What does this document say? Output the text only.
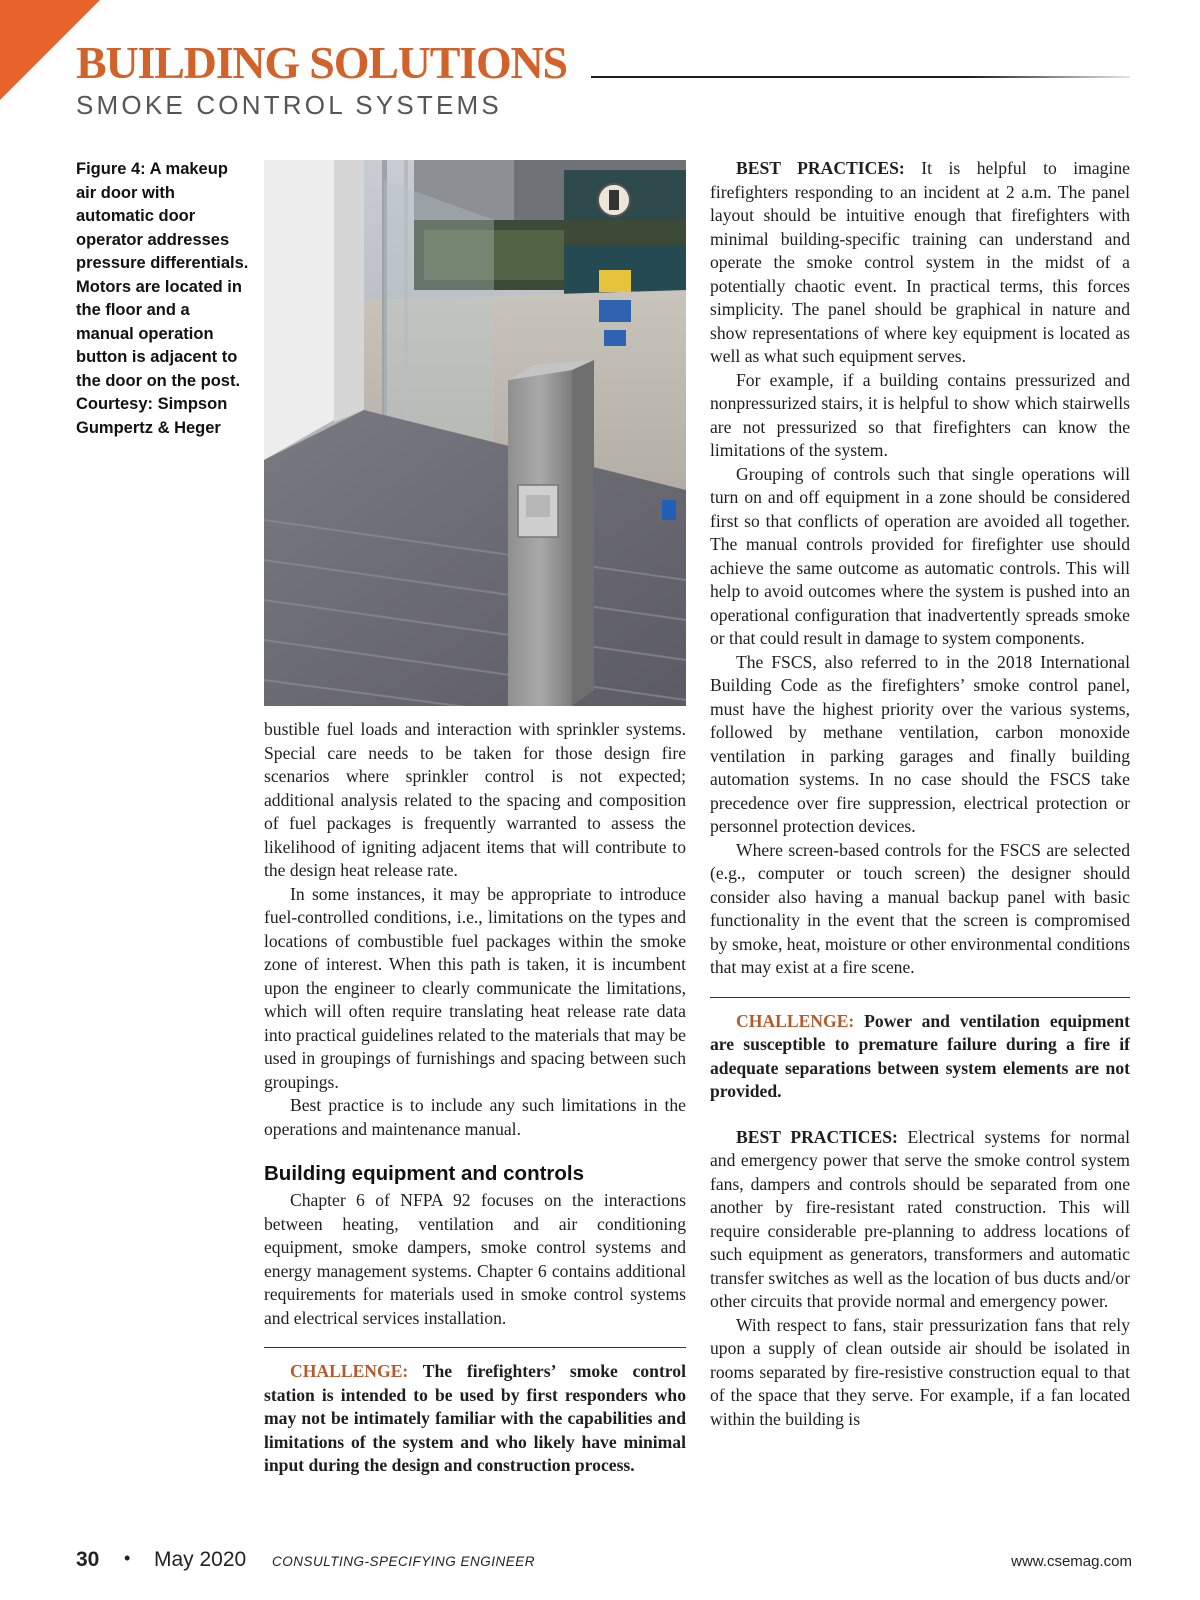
BUILDING SOLUTIONS
SMOKE CONTROL SYSTEMS
Figure 4: A makeup air door with automatic door operator addresses pressure differentials. Motors are located in the floor and a manual operation button is adjacent to the door on the post. Courtesy: Simpson Gumpertz & Heger

bustible fuel loads and interaction with sprinkler systems. Special care needs to be taken for those design fire scenarios where sprinkler control is not expected; additional analysis related to the spacing and composition of fuel packages is frequently warranted to assess the likelihood of igniting adjacent items that will contribute to the design heat release rate.

In some instances, it may be appropriate to introduce fuel-controlled conditions, i.e., limitations on the types and locations of combustible fuel packages within the smoke zone of interest. When this path is taken, it is incumbent upon the engineer to clearly communicate the limitations, which will often require translating heat release rate data into practical guidelines related to the materials that may be used in groupings of furnishings and spacing between such groupings.

Best practice is to include any such limitations in the operations and maintenance manual.

Building equipment and controls

Chapter 6 of NFPA 92 focuses on the interactions between heating, ventilation and air conditioning equipment, smoke dampers, smoke control systems and energy management systems. Chapter 6 contains additional requirements for materials used in smoke control systems and electrical services installation.

CHALLENGE: The firefighters’ smoke control station is intended to be used by first responders who may not be intimately familiar with the capabilities and limitations of the system and who likely have minimal input during the design and construction process.

BEST PRACTICES: It is helpful to imagine firefighters responding to an incident at 2 a.m. The panel layout should be intuitive enough that firefighters with minimal building-specific training can understand and operate the smoke control system in the midst of a potentially chaotic event. In practical terms, this forces simplicity. The panel should be graphical in nature and show representations of where key equipment is located as well as what such equipment serves.

For example, if a building contains pressurized and nonpressurized stairs, it is helpful to show which stairwells are not pressurized so that firefighters can know the limitations of the system.

Grouping of controls such that single operations will turn on and off equipment in a zone should be considered first so that conflicts of operation are avoided all together. The manual controls provided for firefighter use should achieve the same outcome as automatic controls. This will help to avoid outcomes where the system is pushed into an operational configuration that inadvertently spreads smoke or that could result in damage to system components.

The FSCS, also referred to in the 2018 International Building Code as the firefighters’ smoke control panel, must have the highest priority over the various systems, followed by methane ventilation, carbon monoxide ventilation in parking garages and finally building automation systems. In no case should the FSCS take precedence over fire suppression, electrical protection or personnel protection devices.

Where screen-based controls for the FSCS are selected (e.g., computer or touch screen) the designer should consider also having a manual backup panel with basic functionality in the event that the screen is compromised by smoke, heat, moisture or other environmental conditions that may exist at a fire scene.

CHALLENGE: Power and ventilation equipment are susceptible to premature failure during a fire if adequate separations between system elements are not provided.

BEST PRACTICES: Electrical systems for normal and emergency power that serve the smoke control system fans, dampers and controls should be separated from one another by fire-resistant rated construction. This will require considerable pre-planning to address locations of such equipment as generators, transformers and automatic transfer switches as well as the location of bus ducts and/or other circuits that provide normal and emergency power.

With respect to fans, stair pressurization fans that rely upon a supply of clean outside air should be isolated in rooms separated by fire-resistive construction equal to that of the space that they serve. For example, if a fan located within the building is

30 • May 2020 CONSULTING-SPECIFYING ENGINEER	www.csemag.com
